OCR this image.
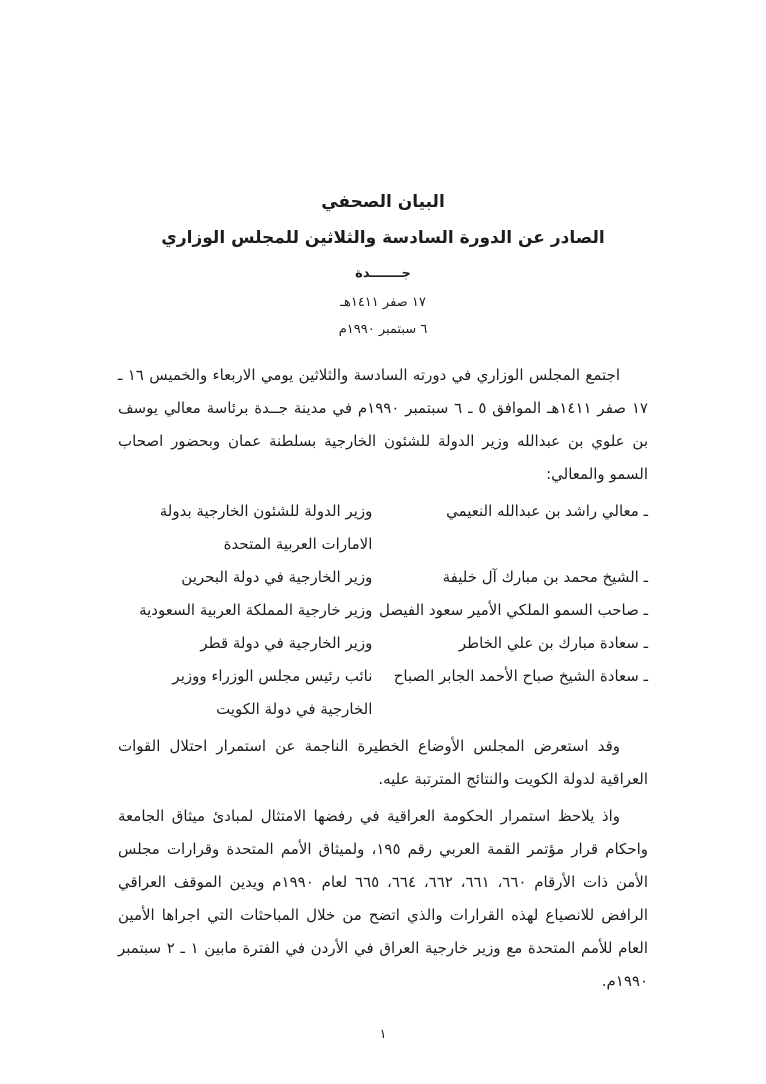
البيان الصحفي
الصادر عن الدورة السادسة والثلاثين للمجلس الوزاري
جـــــــدة
١٧ صفر ١٤١١هـ
٦ سبتمبر ١٩٩٠م

اجتمع المجلس الوزاري في دورته السادسة والثلاثين يومي الاربعاء والخميس ١٦ ـ ١٧ صفر ١٤١١هـ الموافق ٥ ـ ٦ سبتمبر ١٩٩٠م في مدينة جــدة برئاسة معالي يوسف بن علوي بن عبدالله وزير الدولة للشئون الخارجية بسلطنة عمان وبحضور اصحاب السمو والمعالي:

ـ معالي راشد بن عبدالله النعيمي
وزير الدولة للشئون الخارجية بدولة الامارات العربية المتحدة
ـ الشيخ محمد بن مبارك آل خليفة
وزير الخارجية في دولة البحرين
ـ صاحب السمو الملكي الأمير سعود الفيصل
وزير خارجية المملكة العربية السعودية
ـ سعادة مبارك بن علي الخاطر
وزير الخارجية في دولة قطر
ـ سعادة الشيخ صباح الأحمد الجابر الصباح
نائب رئيس مجلس الوزراء ووزير الخارجية في دولة الكويت

وقد استعرض المجلس الأوضاع الخطيرة الناجمة عن استمرار احتلال القوات العراقية لدولة الكويت والنتائج المترتبة عليه.

واذ يلاحظ استمرار الحكومة العراقية في رفضها الامتثال لمبادئ ميثاق الجامعة واحكام قرار مؤتمر القمة العربي رقم ١٩٥، ولميثاق الأمم المتحدة وقرارات مجلس الأمن ذات الأرقام ٦٦٠، ٦٦١، ٦٦٢، ٦٦٤، ٦٦٥ لعام ١٩٩٠م ويدين الموقف العراقي الرافض للانصياع لهذه القرارات والذي اتضح من خلال المباحثات التي اجراها الأمين العام للأمم المتحدة مع وزير خارجية العراق في الأردن في الفترة مابين ١ ـ ٢ سبتمبر ١٩٩٠م.

١
